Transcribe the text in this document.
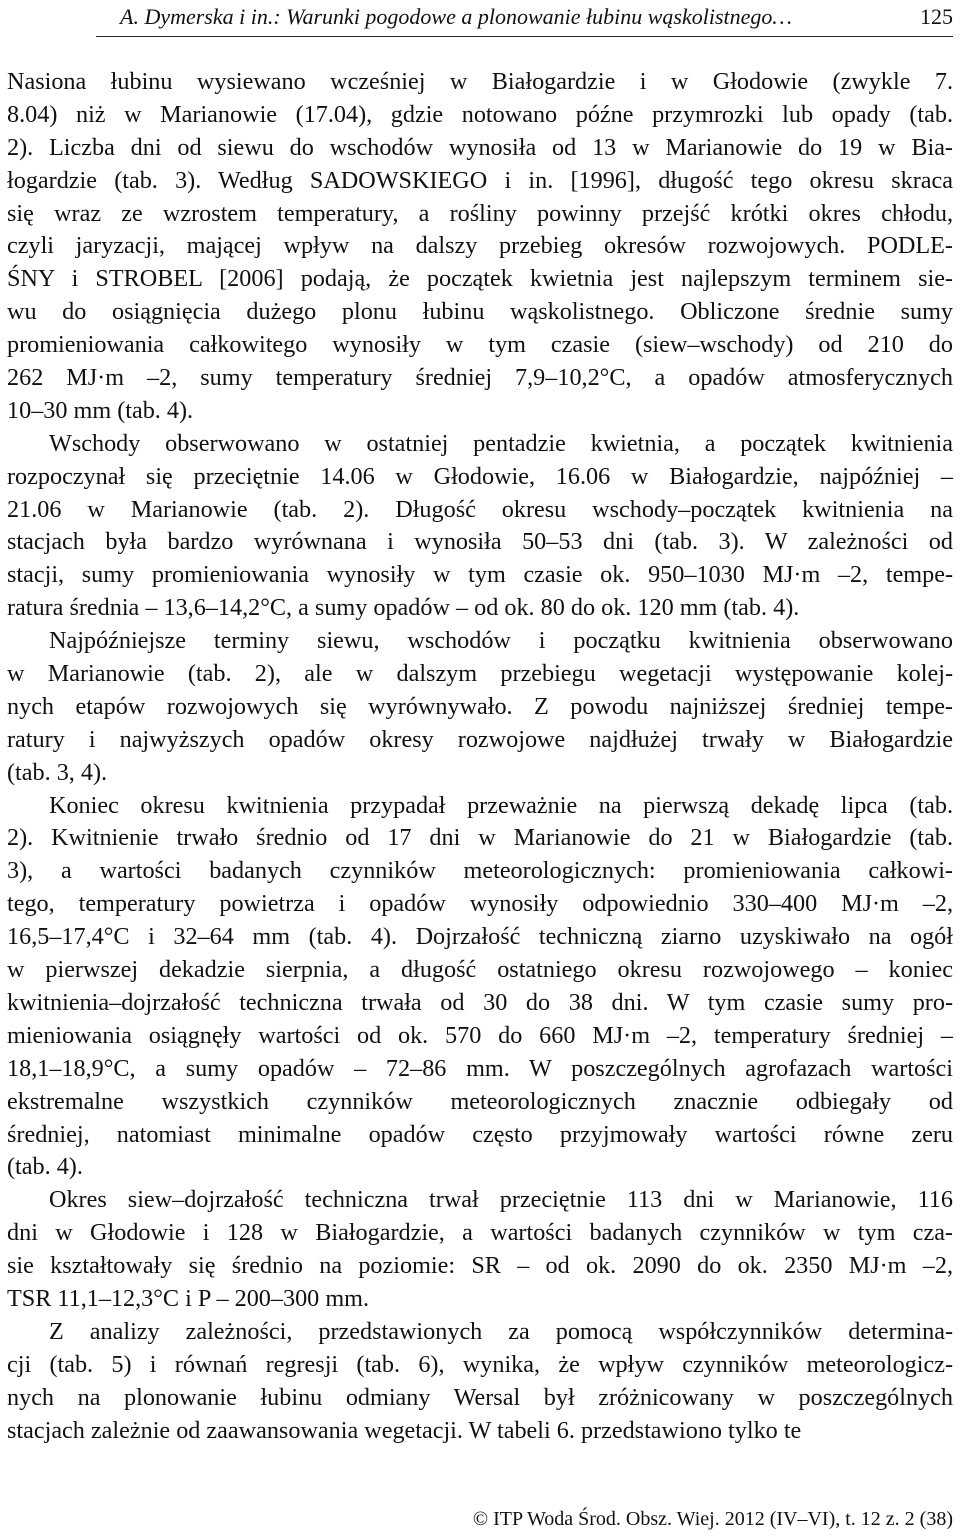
A. Dymerska i in.: Warunki pogodowe a plonowanie łubinu wąskolistnego…	125
Nasiona łubinu wysiewano wcześniej w Białogardzie i w Głodowie (zwykle 7.
8.04) niż w Marianowie (17.04), gdzie notowano późne przymrozki lub opady (tab.
2). Liczba dni od siewu do wschodów wynosiła od 13 w Marianowie do 19 w Bia-
łogardzie (tab. 3). Według SADOWSKIEGO i in. [1996], długość tego okresu skraca
się wraz ze wzrostem temperatury, a rośliny powinny przejść krótki okres chłodu,
czyli jaryzacji, mającej wpływ na dalszy przebieg okresów rozwojowych. PODLE-
ŚNY i STROBEL [2006] podają, że początek kwietnia jest najlepszym terminem sie-
wu do osiągnięcia dużego plonu łubinu wąskolistnego. Obliczone średnie sumy
promieniowania całkowitego wynosiły w tym czasie (siew–wschody) od 210 do
262 MJ·m –2, sumy temperatury średniej 7,9–10,2°C, a opadów atmosferycznych
10–30 mm (tab. 4).
Wschody obserwowano w ostatniej pentadzie kwietnia, a początek kwitnienia
rozpoczynał się przeciętnie 14.06 w Głodowie, 16.06 w Białogardzie, najpóźniej –
21.06 w Marianowie (tab. 2). Długość okresu wschody–początek kwitnienia na
stacjach była bardzo wyrównana i wynosiła 50–53 dni (tab. 3). W zależności od
stacji, sumy promieniowania wynosiły w tym czasie ok. 950–1030 MJ·m –2, tempe-
ratura średnia – 13,6–14,2°C, a sumy opadów – od ok. 80 do ok. 120 mm (tab. 4).
Najpóźniejsze terminy siewu, wschodów i początku kwitnienia obserwowano
w Marianowie (tab. 2), ale w dalszym przebiegu wegetacji występowanie kolej-
nych etapów rozwojowych się wyrównywało. Z powodu najniższej średniej tempe-
ratury i najwyższych opadów okresy rozwojowe najdłużej trwały w Białogardzie
(tab. 3, 4).
Koniec okresu kwitnienia przypadał przeważnie na pierwszą dekadę lipca (tab.
2). Kwitnienie trwało średnio od 17 dni w Marianowie do 21 w Białogardzie (tab.
3), a wartości badanych czynników meteorologicznych: promieniowania całkowi-
tego, temperatury powietrza i opadów wynosiły odpowiednio 330–400 MJ·m –2,
16,5–17,4°C i 32–64 mm (tab. 4). Dojrzałość techniczną ziarno uzyskiwało na ogół
w pierwszej dekadzie sierpnia, a długość ostatniego okresu rozwojowego – koniec
kwitnienia–dojrzałość techniczna trwała od 30 do 38 dni. W tym czasie sumy pro-
mieniowania osiągnęły wartości od ok. 570 do 660 MJ·m –2, temperatury średniej –
18,1–18,9°C, a sumy opadów – 72–86 mm. W poszczególnych agrofazach wartości
ekstremalne wszystkich czynników meteorologicznych znacznie odbiegały od
średniej, natomiast minimalne opadów często przyjmowały wartości równe zeru
(tab. 4).
Okres siew–dojrzałość techniczna trwał przeciętnie 113 dni w Marianowie, 116
dni w Głodowie i 128 w Białogardzie, a wartości badanych czynników w tym cza-
sie kształtowały się średnio na poziomie: SR – od ok. 2090 do ok. 2350 MJ·m –2,
TSR 11,1–12,3°C i P – 200–300 mm.
Z analizy zależności, przedstawionych za pomocą współczynników determina-
cji (tab. 5) i równań regresji (tab. 6), wynika, że wpływ czynników meteorologicz-
nych na plonowanie łubinu odmiany Wersal był zróżnicowany w poszczególnych
stacjach zależnie od zaawansowania wegetacji. W tabeli 6. przedstawiono tylko te
© ITP Woda Środ. Obsz. Wiej. 2012 (IV–VI), t. 12 z. 2 (38)
